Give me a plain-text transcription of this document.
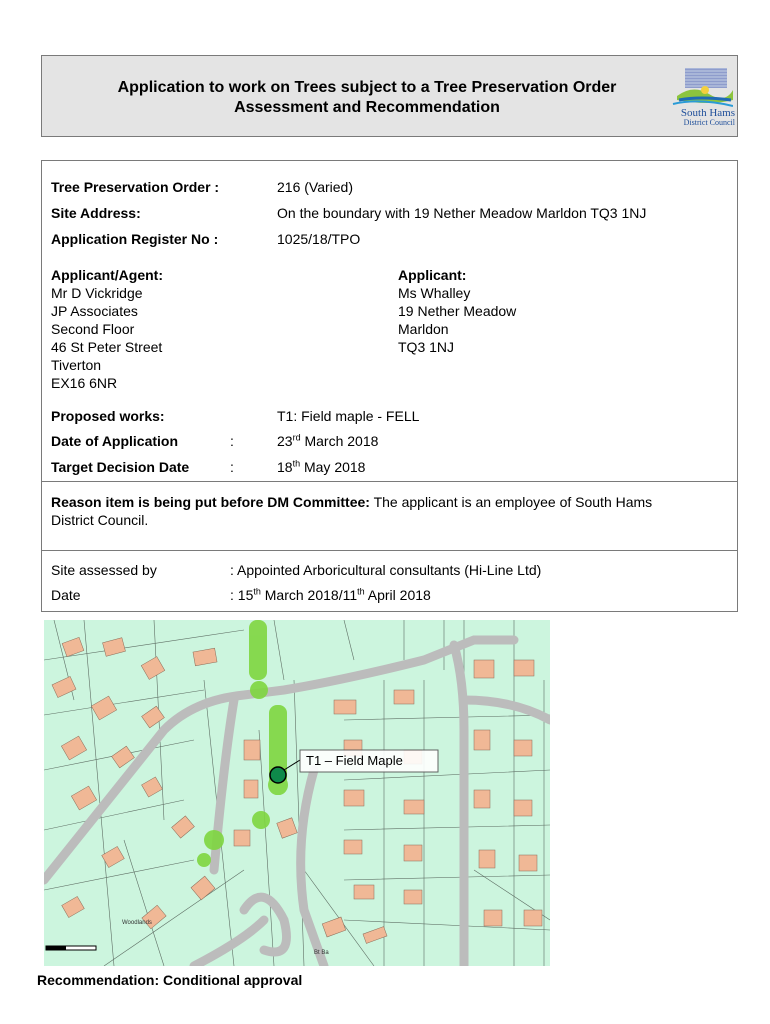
Application to work on Trees subject to a Tree Preservation Order
Assessment and Recommendation	South Hams
District Council
Tree Preservation Order :	216 (Varied)
Site Address:	On the boundary with 19 Nether Meadow Marldon TQ3 1NJ
Application Register No :	1025/18/TPO
Applicant/Agent:
Mr D Vickridge
JP Associates
Second Floor
46 St Peter Street
Tiverton
EX16 6NR
Applicant:
Ms Whalley
19 Nether Meadow
Marldon
TQ3 1NJ
Proposed works:	T1: Field maple - FELL
Date of Application	:	23rd March 2018
Target Decision Date	:	18th May 2018
Reason item is being put before DM Committee: The applicant is an employee of South Hams
District Council.
Site assessed by	: Appointed Arboricultural consultants (Hi-Line Ltd)
Date	: 15th March 2018/11th April 2018
T1 – Field Maple
Woodlands
Bt Ba
Recommendation: Conditional approval
